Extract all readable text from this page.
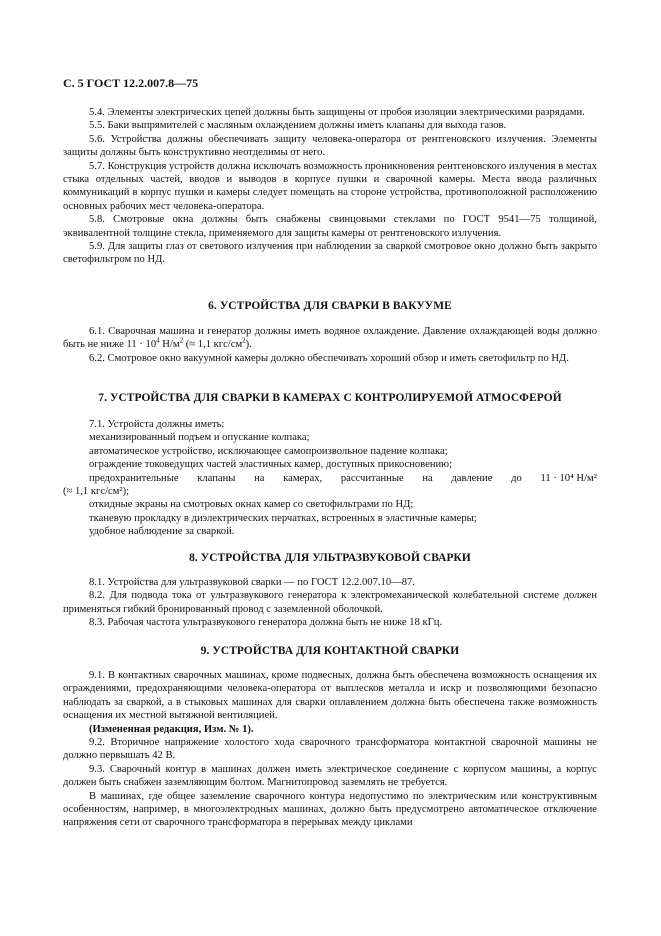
С. 5 ГОСТ 12.2.007.8—75

5.4. Элементы электрических цепей должны быть защищены от пробоя изоляции электрическими разрядами.

5.5. Баки выпрямителей с масляным охлаждением должны иметь клапаны для выхода газов.

5.6. Устройства должны обеспечивать защиту человека-оператора от рентгеновского излучения. Элементы защиты должны быть конструктивно неотделимы от него.

5.7. Конструкция устройств должна исключать возможность проникновения рентгеновского излучения в местах стыка отдельных частей, вводов и выводов в корпусе пушки и сварочной камеры. Места ввода различных коммуникаций в корпус пушки и камеры следует помещать на стороне устройства, противоположной расположению основных рабочих мест человека-оператора.

5.8. Смотровые окна должны быть снабжены свинцовыми стеклами по ГОСТ 9541—75 толщиной, эквивалентной толщине стекла, применяемого для защиты камеры от рентгеновского излучения.

5.9. Для защиты глаз от светового излучения при наблюдении за сваркой смотровое окно должно быть закрыто светофильтром по НД.

6. УСТРОЙСТВА ДЛЯ СВАРКИ В ВАКУУМЕ

6.1. Сварочная машина и генератор должны иметь водяное охлаждение. Давление охлаждающей воды должно быть не ниже $11 \cdot 10^4$ $Н/м^2$ (≈ 1,1 кгс/$см^2$).

6.2. Смотровое окно вакуумной камеры должно обеспечивать хороший обзор и иметь светофильтр по НД.

7. УСТРОЙСТВА ДЛЯ СВАРКИ В КАМЕРАХ С КОНТРОЛИРУЕМОЙ АТМОСФЕРОЙ

7.1. Устройста должны иметь:

механизированный подъем и опускание колпака;

автоматическое устройство, исключающее самопроизвольное падение колпака;

ограждение токоведущих частей эластичных камер, доступных прикосновению;

предохранительные клапаны на камерах, рассчитанные на давление до 11 · 10⁴ Н/м²

(≈ 1,1 кгс/см²);

откидные экраны на смотровых окнах камер со светофильтрами по НД;

тканевую прокладку в диэлектрических перчатках, встроенных в эластичные камеры;

удобное наблюдение за сваркой.

8. УСТРОЙСТВА ДЛЯ УЛЬТРАЗВУКОВОЙ СВАРКИ

8.1. Устройства для ультразвуковой сварки — по ГОСТ 12.2.007.10—87.

8.2. Для подвода тока от ультразвукового генератора к электромеханической колебательной системе должен применяться гибкий бронированный провод с заземленной оболочкой.

8.3. Рабочая частота ультразвукового генератора должна быть не ниже 18 кГц.

9. УСТРОЙСТВА ДЛЯ КОНТАКТНОЙ СВАРКИ

9.1. В контактных сварочных машинах, кроме подвесных, должна быть обеспечена возможность оснащения их ограждениями, предохраняющими человека-оператора от выплесков металла и искр и позволяющими безопасно наблюдать за сваркой, а в стыковых машинах для сварки оплавлением должна быть обеспечена также возможность оснащения их местной вытяжной вентиляцией.

(Измененная редакция, Изм. № 1).

9.2. Вторичное напряжение холостого хода сварочного трансформатора контактной сварочной машины не должно первышать 42 В.

9.3. Сварочный контур в машинах должен иметь электрическое соединение с корпусом машины, а корпус должен быть снабжен заземляющим болтом. Магнитопровод заземлять не требуется.

В машинах, где общее заземление сварочного контура недопустимо по электрическим или конструктивным особенностям, например, в многоэлектродных машинах, должно быть предусмотрено автоматическое отключение напряжения сети от сварочного трансформатора в перерывах между циклами
